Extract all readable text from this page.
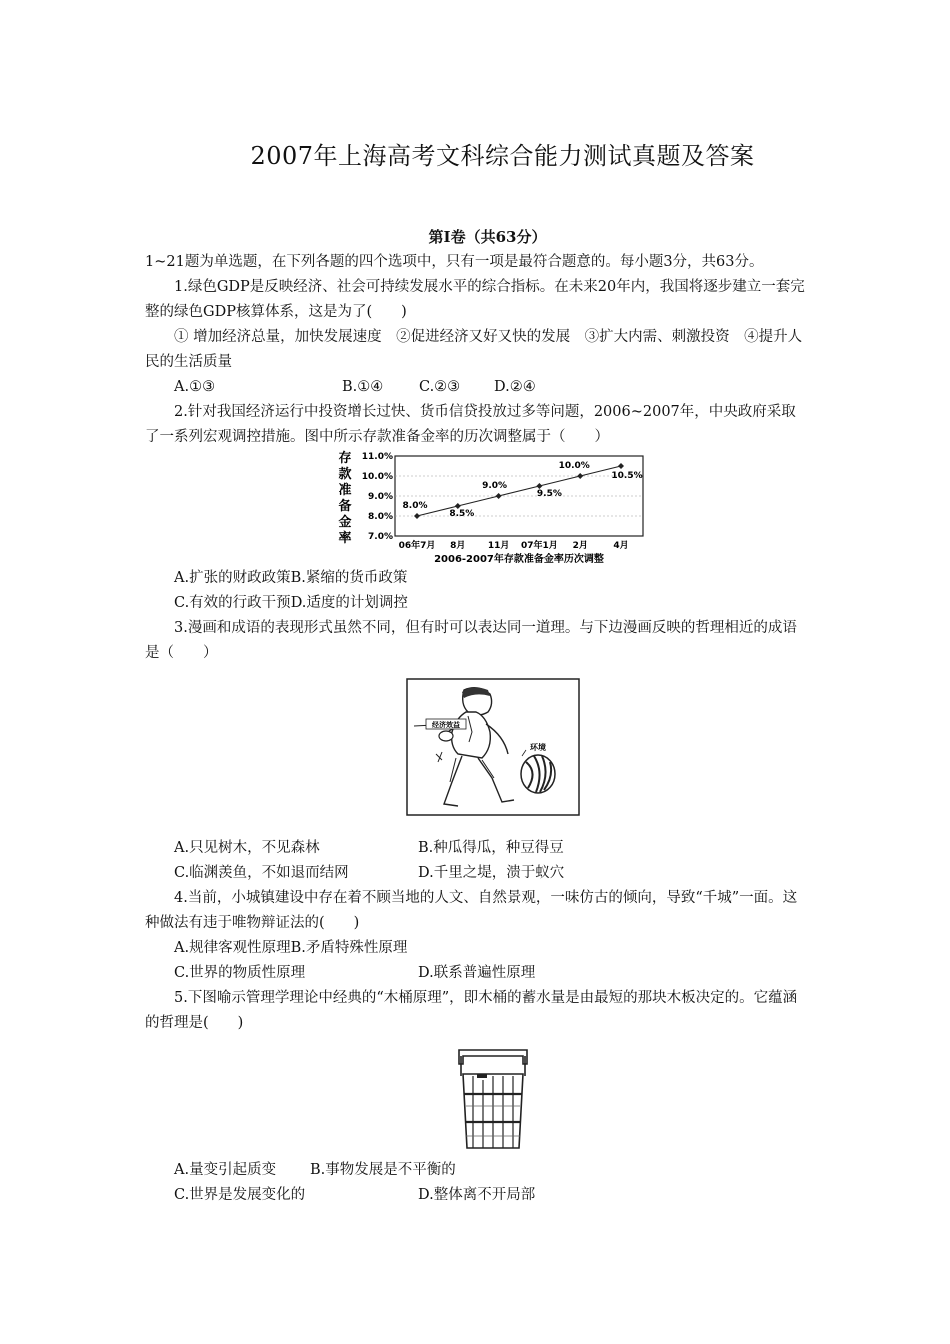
2007年上海高考文科综合能力测试真题及答案
第Ⅰ卷（共63分）

1~21题为单选题，在下列各题的四个选项中，只有一项是最符合题意的。每小题3分，共63分。

1.绿色GDP是反映经济、社会可持续发展水平的综合指标。在未来20年内，我国将逐步建立一套完整的绿色GDP核算体系，这是为了(　　)

① 增加经济总量，加快发展速度　②促进经济又好又快的发展　③扩大内需、刺激投资　④提升人民的生活质量

A.①③	B.①④	C.②③	D.②④

2.针对我国经济运行中投资增长过快、货币信贷投放过多等问题，2006~2007年，中央政府采取了一系列宏观调控措施。图中所示存款准备金率的历次调整属于（　　）

7.0%
8.0%
9.0%
10.0%
11.0%
存
款
准
备
金
率
8.0%
8.5%
9.0%
9.5%
10.0%
10.5%
06年7月 8月 11月 07年1月 2月	4月
2006-2007年存款准备金率历次调整
A.扩张的财政政策 B.紧缩的货币政策
C.有效的行政干预 D.适度的计划调控

3.漫画和成语的表现形式虽然不同，但有时可以表达同一道理。与下边漫画反映的哲理相近的成语是（　　）

经济效益
环境
A.只见树木，不见森林	B.种瓜得瓜，种豆得豆
C.临渊羡鱼，不如退而结网	D.千里之堤，溃于蚁穴

4.当前，小城镇建设中存在着不顾当地的人文、自然景观，一味仿古的倾向，导致“千城”一面。这种做法有违于唯物辩证法的(　　)

A.规律客观性原理 B.矛盾特殊性原理
C.世界的物质性原理	D.联系普遍性原理

5.下图喻示管理学理论中经典的“木桶原理”，即木桶的蓄水量是由最短的那块木板决定的。它蕴涵的哲理是(　　)

A.量变引起质变	B.事物发展是不平衡的
C.世界是发展变化的	D.整体离不开局部
